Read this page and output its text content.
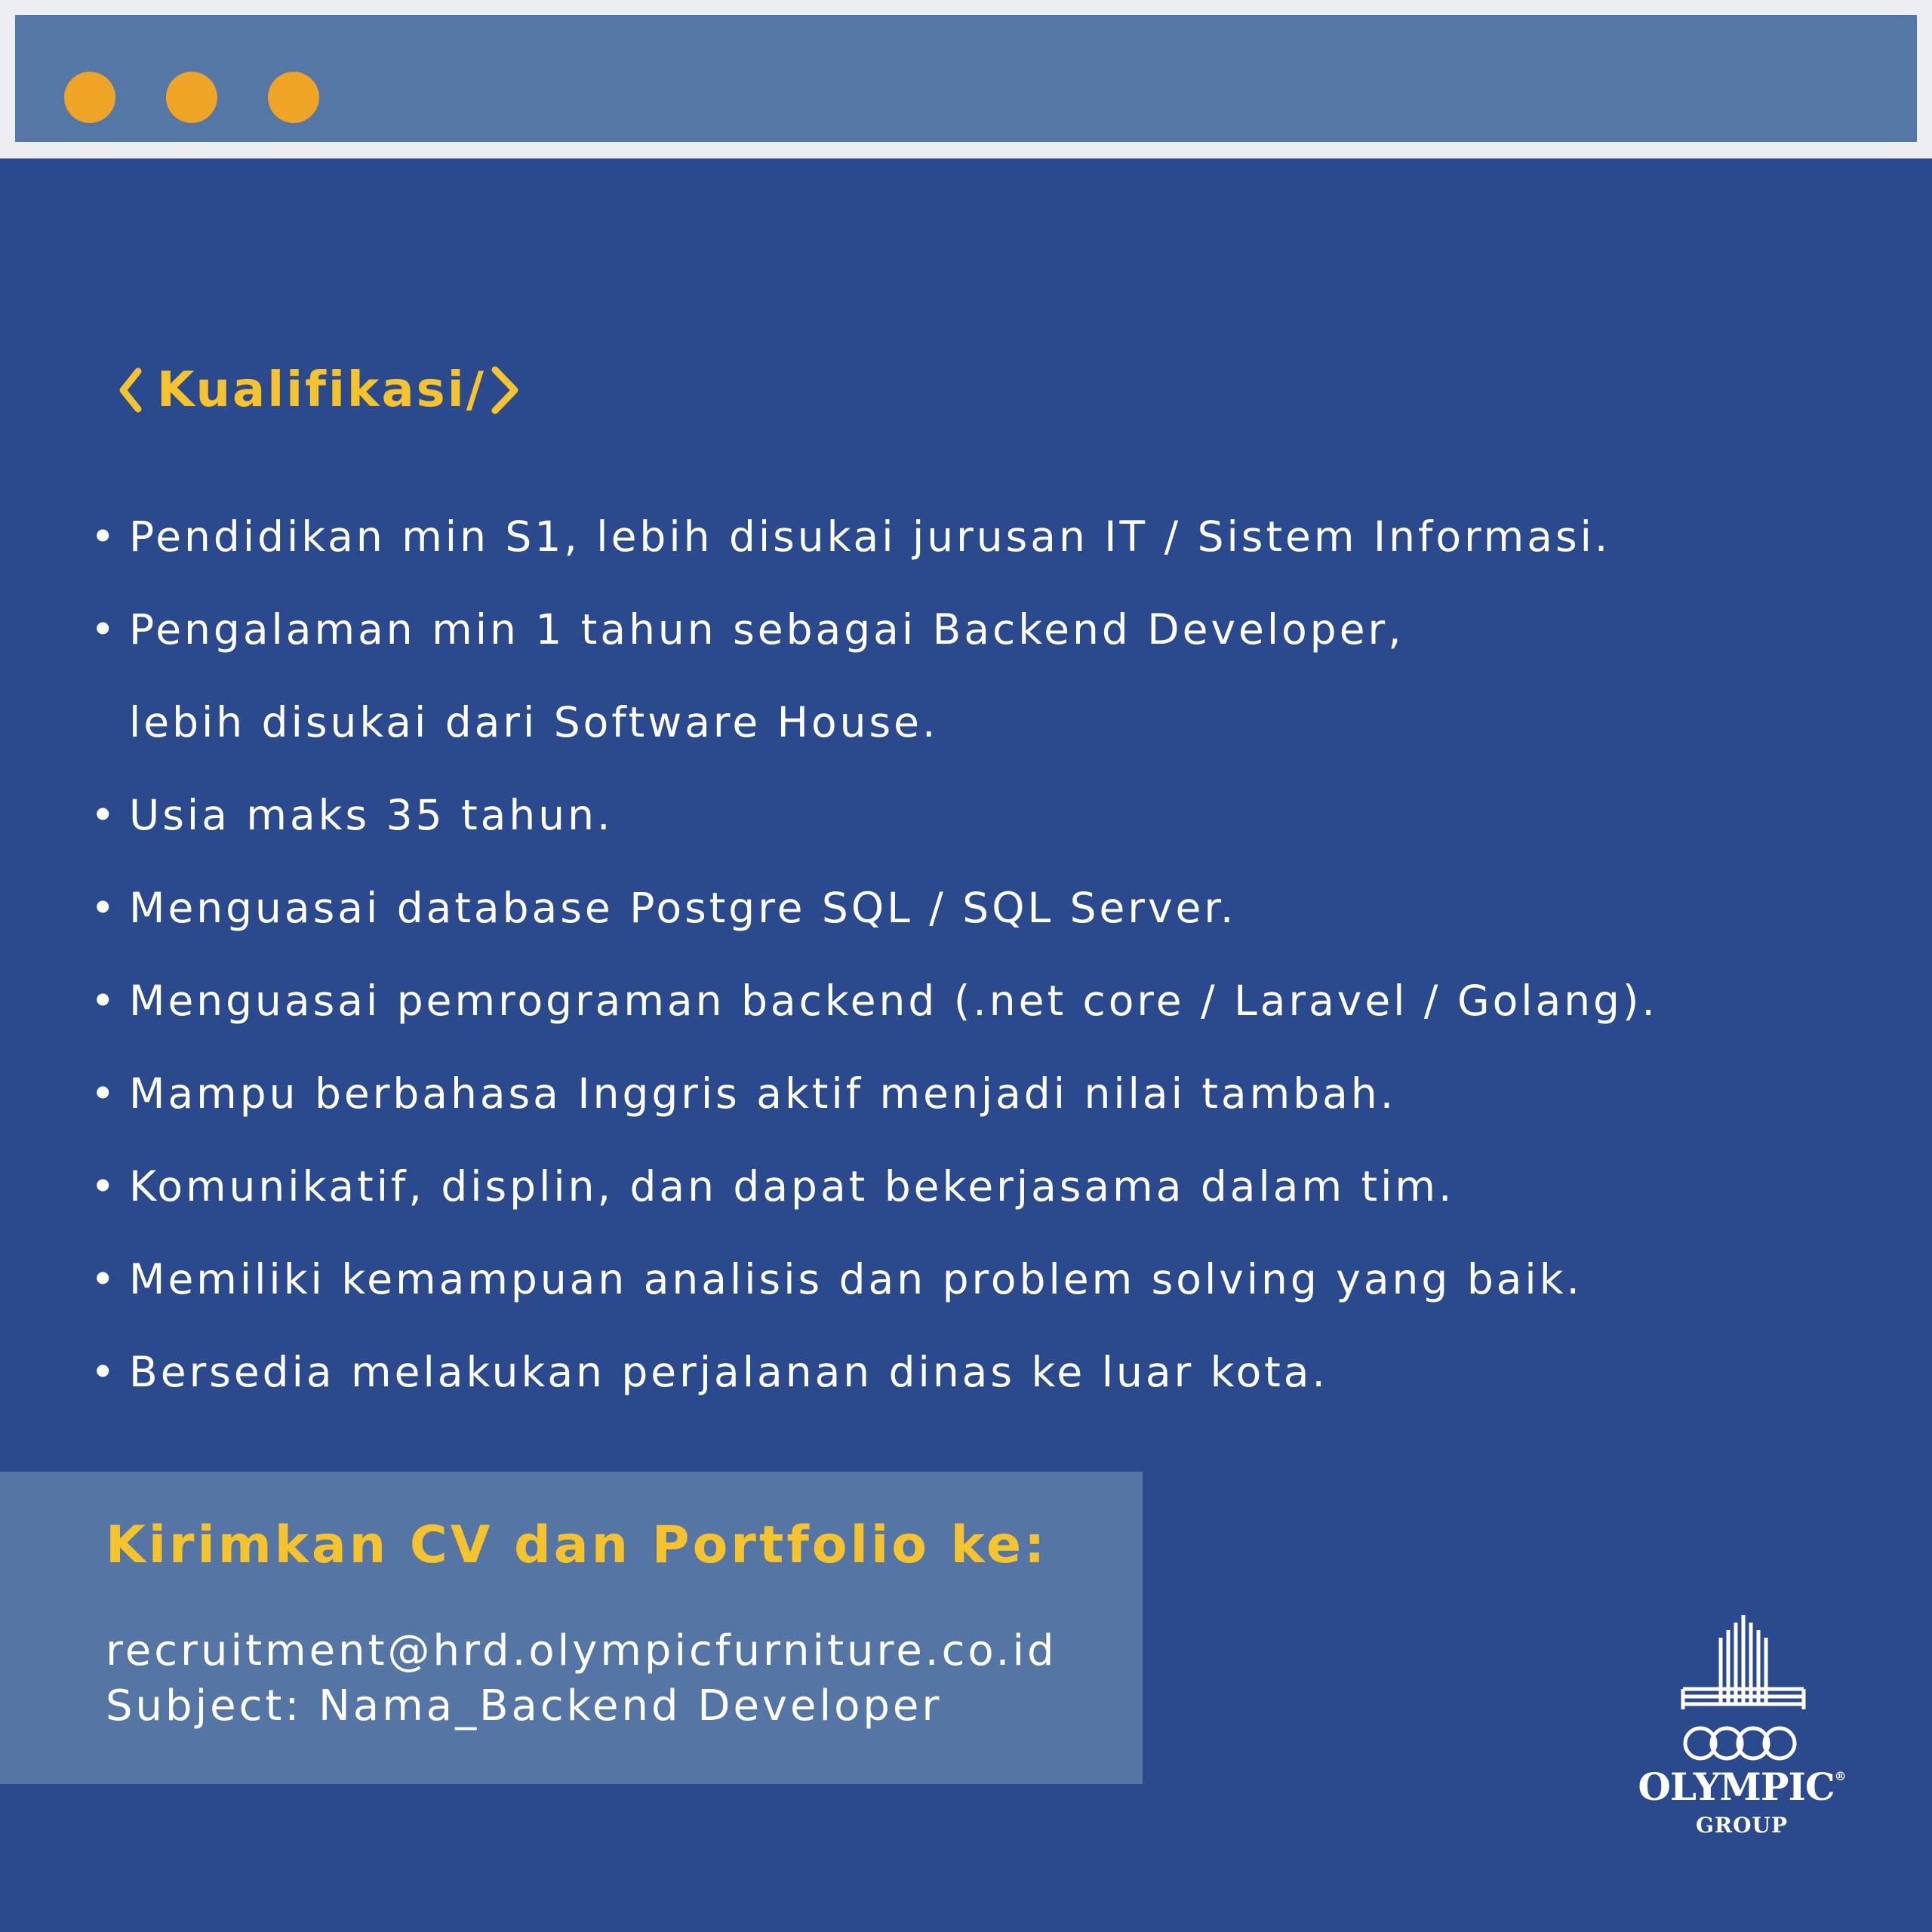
Kualifikasi/
• Pendidikan min S1, lebih disukai jurusan IT / Sistem Informasi.
• Pengalaman min 1 tahun sebagai Backend Developer,
lebih disukai dari Software House.
• Usia maks 35 tahun.
• Menguasai database Postgre SQL / SQL Server.
• Menguasai pemrograman backend (.net core / Laravel / Golang).
• Mampu berbahasa Inggris aktif menjadi nilai tambah.
• Komunikatif, displin, dan dapat bekerjasama dalam tim.
• Memiliki kemampuan analisis dan problem solving yang baik.
• Bersedia melakukan perjalanan dinas ke luar kota.
Kirimkan CV dan Portfolio ke:
recruitment@hrd.olympicfurniture.co.id
Subject: Nama_Backend Developer
OLYMPIC®
GROUP
